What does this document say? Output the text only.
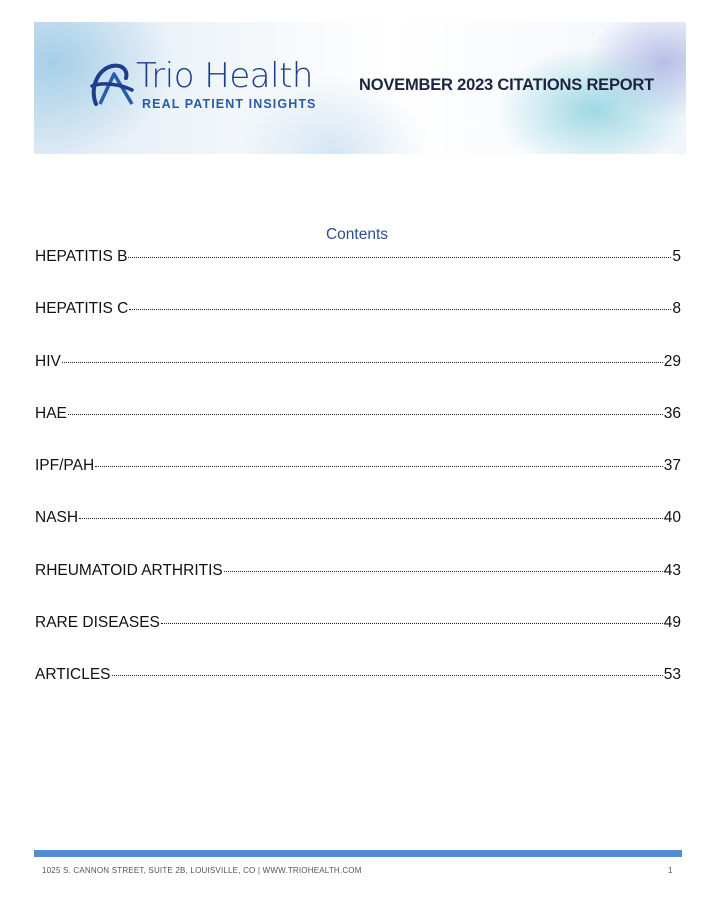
Trio Health
REAL PATIENT INSIGHTS
NOVEMBER 2023 CITATIONS REPORT
Contents
HEPATITIS B	5
HEPATITIS C	8
HIV	29
HAE	36
IPF/PAH	37
NASH	40
RHEUMATOID ARTHRITIS	43
RARE DISEASES	49
ARTICLES	53
1025 S. CANNON STREET, SUITE 2B, LOUISVILLE, CO | WWW.TRIOHEALTH.COM	1
